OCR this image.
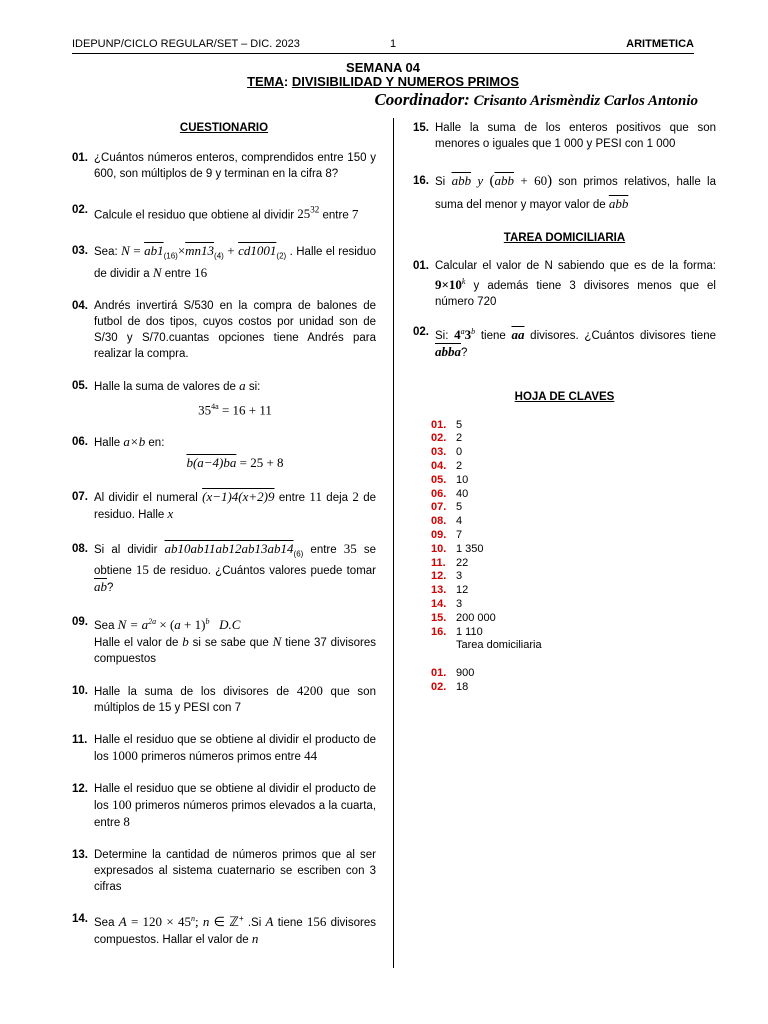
IDEPUNP/CICLO REGULAR/SET – DIC. 2023	1	ARITMETICA
SEMANA 04
TEMA: DIVISIBILIDAD Y NUMEROS PRIMOS
Coordinador: Crisanto Arismèndiz Carlos Antonio

CUESTIONARIO

01. ¿Cuántos números enteros, comprendidos entre 150 y 600, son múltiplos de 9 y terminan en la cifra 8?
02. Calcule el residuo que obtiene al dividir $25^{32}$ entre 7
03. Sea: $N = ab1_{(16)}\times mn13_{(4)} + cd1001_{(2)}$ . Halle el residuo de dividir a N entre 16
04. Andrés invertirá S/530 en la compra de balones de futbol de dos tipos, cuyos costos por unidad son de S/30 y S/70.cuantas opciones tiene Andrés para realizar la compra.
05. Halle la suma de valores de a si:
$35^{4a} = 16 + 11$
06. Halle a×b en:
b(a−4)ba = 25 + 8
07. Al dividir el numeral (x−1)4(x+2)9 entre 11 deja 2 de residuo. Halle x
08. Si al dividir $ab10ab11ab12ab13ab14_{(6)}$ entre 35 se obtiene 15 de residuo. ¿Cuántos valores puede tomar $\overline{ab}$?
09. Sea $N = a^{2a} \times (a + 1)^b$ D.C
Halle el valor de b si se sabe que N tiene 37 divisores compuestos
10. Halle la suma de los divisores de 4200 que son múltiplos de 15 y PESI con 7
11. Halle el residuo que se obtiene al dividir el producto de los 1000 primeros números primos entre 44
12. Halle el residuo que se obtiene al dividir el producto de los 100 primeros números primos elevados a la cuarta, entre 8
13. Determine la cantidad de números primos que al ser expresados al sistema cuaternario se escriben con 3 cifras
14. Sea $A = 120 \times 45^n$; n ∈ ℤ+ .Si A tiene 156 divisores compuestos. Hallar el valor de n
15. Halle la suma de los enteros positivos que son menores o iguales que 1 000 y PESI con 1 000
16. Si $\overline{abb}$ y $(\overline{abb} + 60)$ son primos relativos, halle la suma del menor y mayor valor de $\overline{abb}$

TAREA DOMICILIARIA

01. Calcular el valor de N sabiendo que es de la forma: $9\times 10^k$ y además tiene 3 divisores menos que el número 720
02. Si: 4$^a$3$^b$ tiene $\overline{aa}$ divisores. ¿Cuántos divisores tiene abba?

HOJA DE CLAVES

01. 5
02. 2
03. 0
04. 2
05. 10
06. 40
07. 5
08. 4
09. 7
10. 1 350
11. 22
12. 3
13. 12
14. 3
15. 200 000
16. 1 110
Tarea domiciliaria
01. 900
02. 18
